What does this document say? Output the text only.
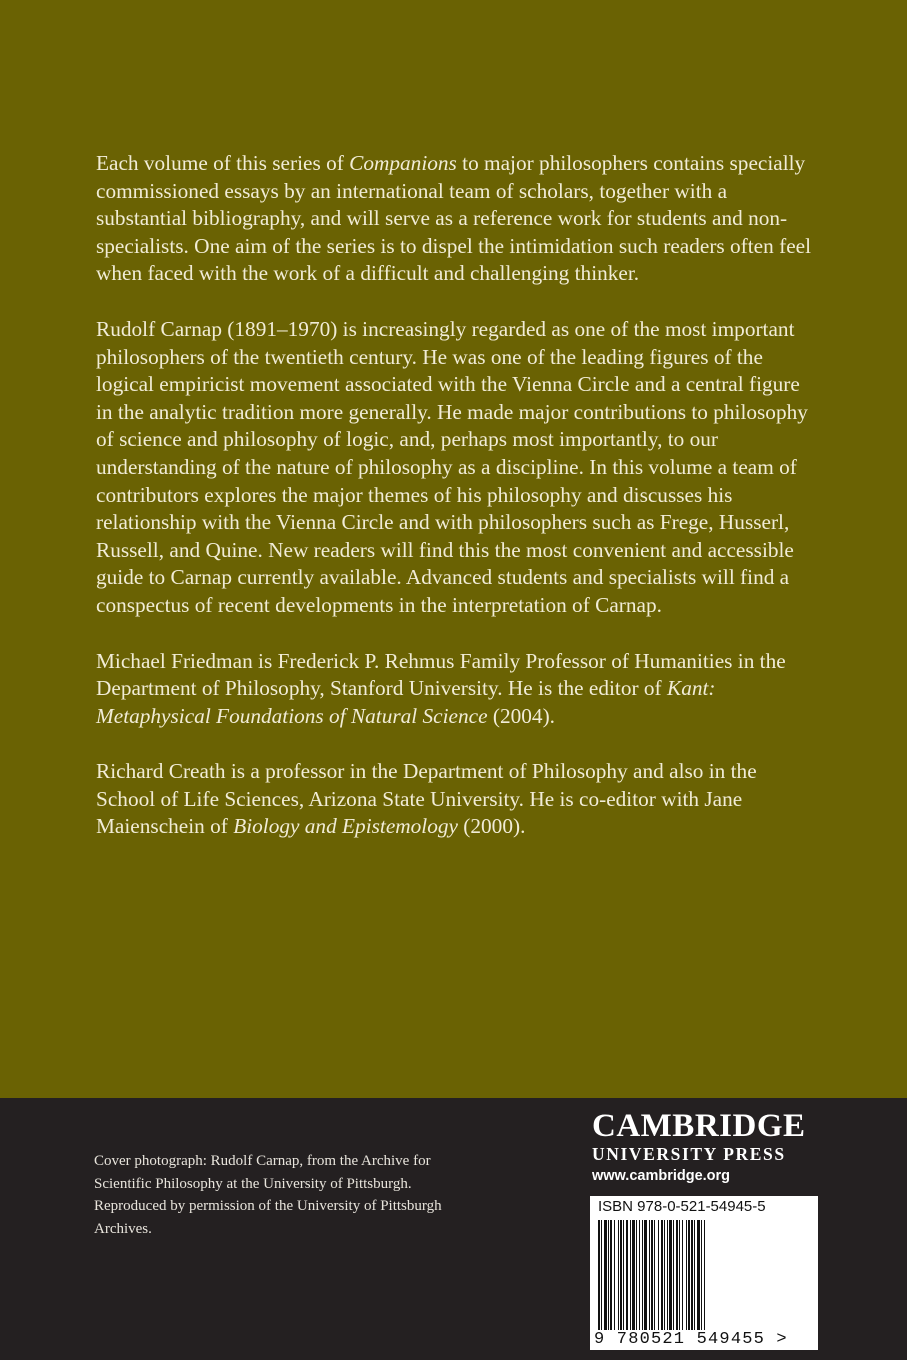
Each volume of this series of Companions to major philosophers contains specially commissioned essays by an international team of scholars, together with a substantial bibliography, and will serve as a reference work for students and non-specialists. One aim of the series is to dispel the intimidation such readers often feel when faced with the work of a difficult and challenging thinker.

Rudolf Carnap (1891–1970) is increasingly regarded as one of the most important philosophers of the twentieth century. He was one of the leading figures of the logical empiricist movement associated with the Vienna Circle and a central figure in the analytic tradition more generally. He made major contributions to philosophy of science and philosophy of logic, and, perhaps most importantly, to our understanding of the nature of philosophy as a discipline. In this volume a team of contributors explores the major themes of his philosophy and discusses his relationship with the Vienna Circle and with philosophers such as Frege, Husserl, Russell, and Quine. New readers will find this the most convenient and accessible guide to Carnap currently available. Advanced students and specialists will find a conspectus of recent developments in the interpretation of Carnap.

Michael Friedman is Frederick P. Rehmus Family Professor of Humanities in the Department of Philosophy, Stanford University. He is the editor of Kant: Metaphysical Foundations of Natural Science (2004).

Richard Creath is a professor in the Department of Philosophy and also in the School of Life Sciences, Arizona State University. He is co-editor with Jane Maienschein of Biology and Epistemology (2000).

Cover photograph: Rudolf Carnap, from the Archive for Scientific Philosophy at the University of Pittsburgh. Reproduced by permission of the University of Pittsburgh Archives.
CAMBRIDGE
UNIVERSITY PRESS
www.cambridge.org
ISBN 978-0-521-54945-5
9 780521 549455 >
